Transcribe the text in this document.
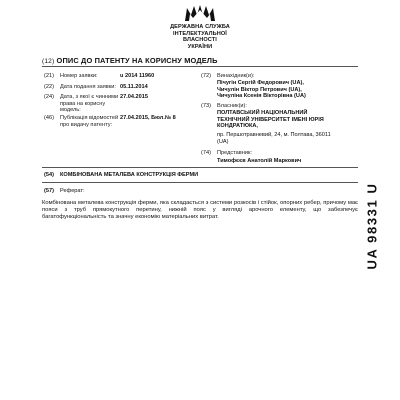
ДЕРЖАВНА СЛУЖБА
ІНТЕЛЕКТУАЛЬНОЇ
ВЛАСНОСТІ
УКРАЇНИ
(12) ОПИС ДО ПАТЕНТУ НА КОРИСНУ МОДЕЛЬ
(21) Номер заявки:	u 2014 11960
(22) Дата подання заявки: 05.11.2014
(24) Дата, з якої є чинними
права на корисну
модель:
27.04.2015
(46) Публікація відомостей
про видачу патенту:
27.04.2015, Бюл.№ 8
(72) Винахідник(и):
Пічугін Сергій Федорович (UA),
Чичулін Віктор Петрович (UA),
Чичуліна Ксенія Вікторівна (UA)
(73) Власник(и):
ПОЛТАВСЬКИЙ НАЦІОНАЛЬНИЙ
ТЕХНІЧНИЙ УНІВЕРСИТЕТ ІМЕНІ ЮРІЯ
КОНДРАТЮКА,
пр. Першотравневий, 24, м. Полтава, 36011
(UA)
(74) Представник:
Тимофєєв Анатолій Маркович
(54) КОМБІНОВАНА МЕТАЛЕВА КОНСТРУКЦІЯ ФЕРМИ
(57) Реферат:
Комбінована металева конструкція ферми, яка складається з системи розкосів і стійок, опорних ребер, причому має пояси з труб прямокутного перетину, нижній пояс у вигляді арочного елементу, що забезпечує багатофункціональність та значну економію матеріальних витрат.	UA 98331 U
